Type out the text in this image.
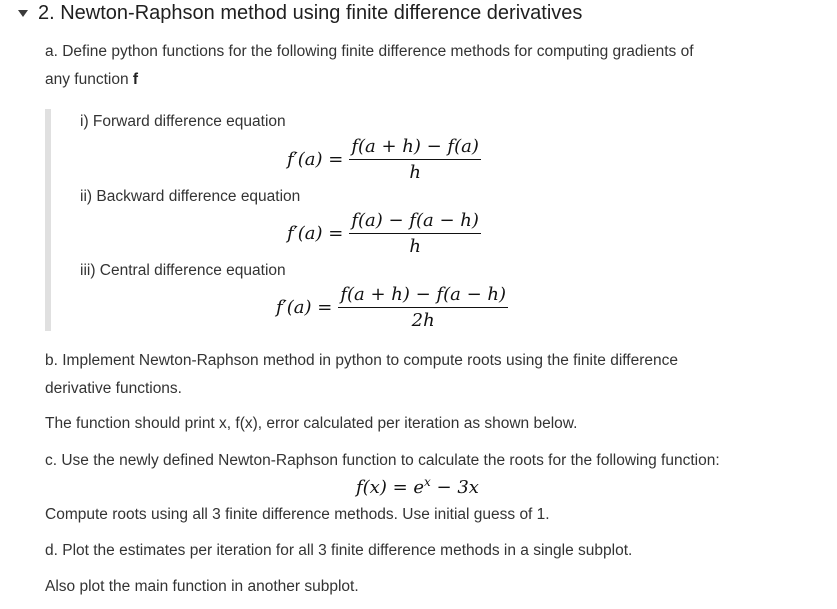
2. Newton-Raphson method using finite difference derivatives
a. Define python functions for the following finite difference methods for computing gradients of
any function f
i) Forward difference equation
$f'(a) = \frac{f(a + h) - f(a)}{h}$
ii) Backward difference equation
$f'(a) = \frac{f(a) - f(a - h)}{h}$
iii) Central difference equation
$f'(a) = \frac{f(a + h) - f(a - h)}{2h}$
b. Implement Newton-Raphson method in python to compute roots using the finite difference
derivative functions.
The function should print x, f(x), error calculated per iteration as shown below.
c. Use the newly defined Newton-Raphson function to calculate the roots for the following function:
$f(x) = e^x - 3x$
Compute roots using all 3 finite difference methods. Use initial guess of 1.
d. Plot the estimates per iteration for all 3 finite difference methods in a single subplot.
Also plot the main function in another subplot.
